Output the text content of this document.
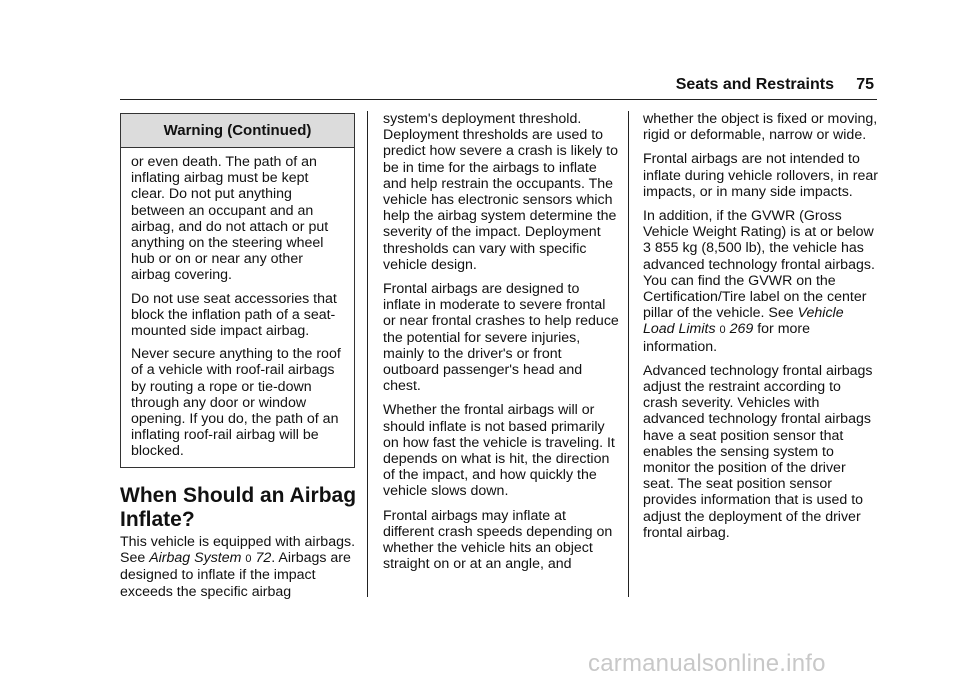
Seats and Restraints 75
Warning (Continued)

or even death. The path of an inflating airbag must be kept clear. Do not put anything between an occupant and an airbag, and do not attach or put anything on the steering wheel hub or on or near any other airbag covering.

Do not use seat accessories that block the inflation path of a seat-mounted side impact airbag.

Never secure anything to the roof of a vehicle with roof-rail airbags by routing a rope or tie-down through any door or window opening. If you do, the path of an inflating roof-rail airbag will be blocked.

When Should an Airbag Inflate?

This vehicle is equipped with airbags. See Airbag System 0 72. Airbags are designed to inflate if the impact exceeds the specific airbag

system's deployment threshold. Deployment thresholds are used to predict how severe a crash is likely to be in time for the airbags to inflate and help restrain the occupants. The vehicle has electronic sensors which help the airbag system determine the severity of the impact. Deployment thresholds can vary with specific vehicle design.

Frontal airbags are designed to inflate in moderate to severe frontal or near frontal crashes to help reduce the potential for severe injuries, mainly to the driver's or front outboard passenger's head and chest.

Whether the frontal airbags will or should inflate is not based primarily on how fast the vehicle is traveling. It depends on what is hit, the direction of the impact, and how quickly the vehicle slows down.

Frontal airbags may inflate at different crash speeds depending on whether the vehicle hits an object straight on or at an angle, and

whether the object is fixed or moving, rigid or deformable, narrow or wide.

Frontal airbags are not intended to inflate during vehicle rollovers, in rear impacts, or in many side impacts.

In addition, if the GVWR (Gross Vehicle Weight Rating) is at or below 3 855 kg (8,500 lb), the vehicle has advanced technology frontal airbags. You can find the GVWR on the Certification/Tire label on the center pillar of the vehicle. See Vehicle Load Limits 0 269 for more information.

Advanced technology frontal airbags adjust the restraint according to crash severity. Vehicles with advanced technology frontal airbags have a seat position sensor that enables the sensing system to monitor the position of the driver seat. The seat position sensor provides information that is used to adjust the deployment of the driver frontal airbag.

carmanualsonline.info
